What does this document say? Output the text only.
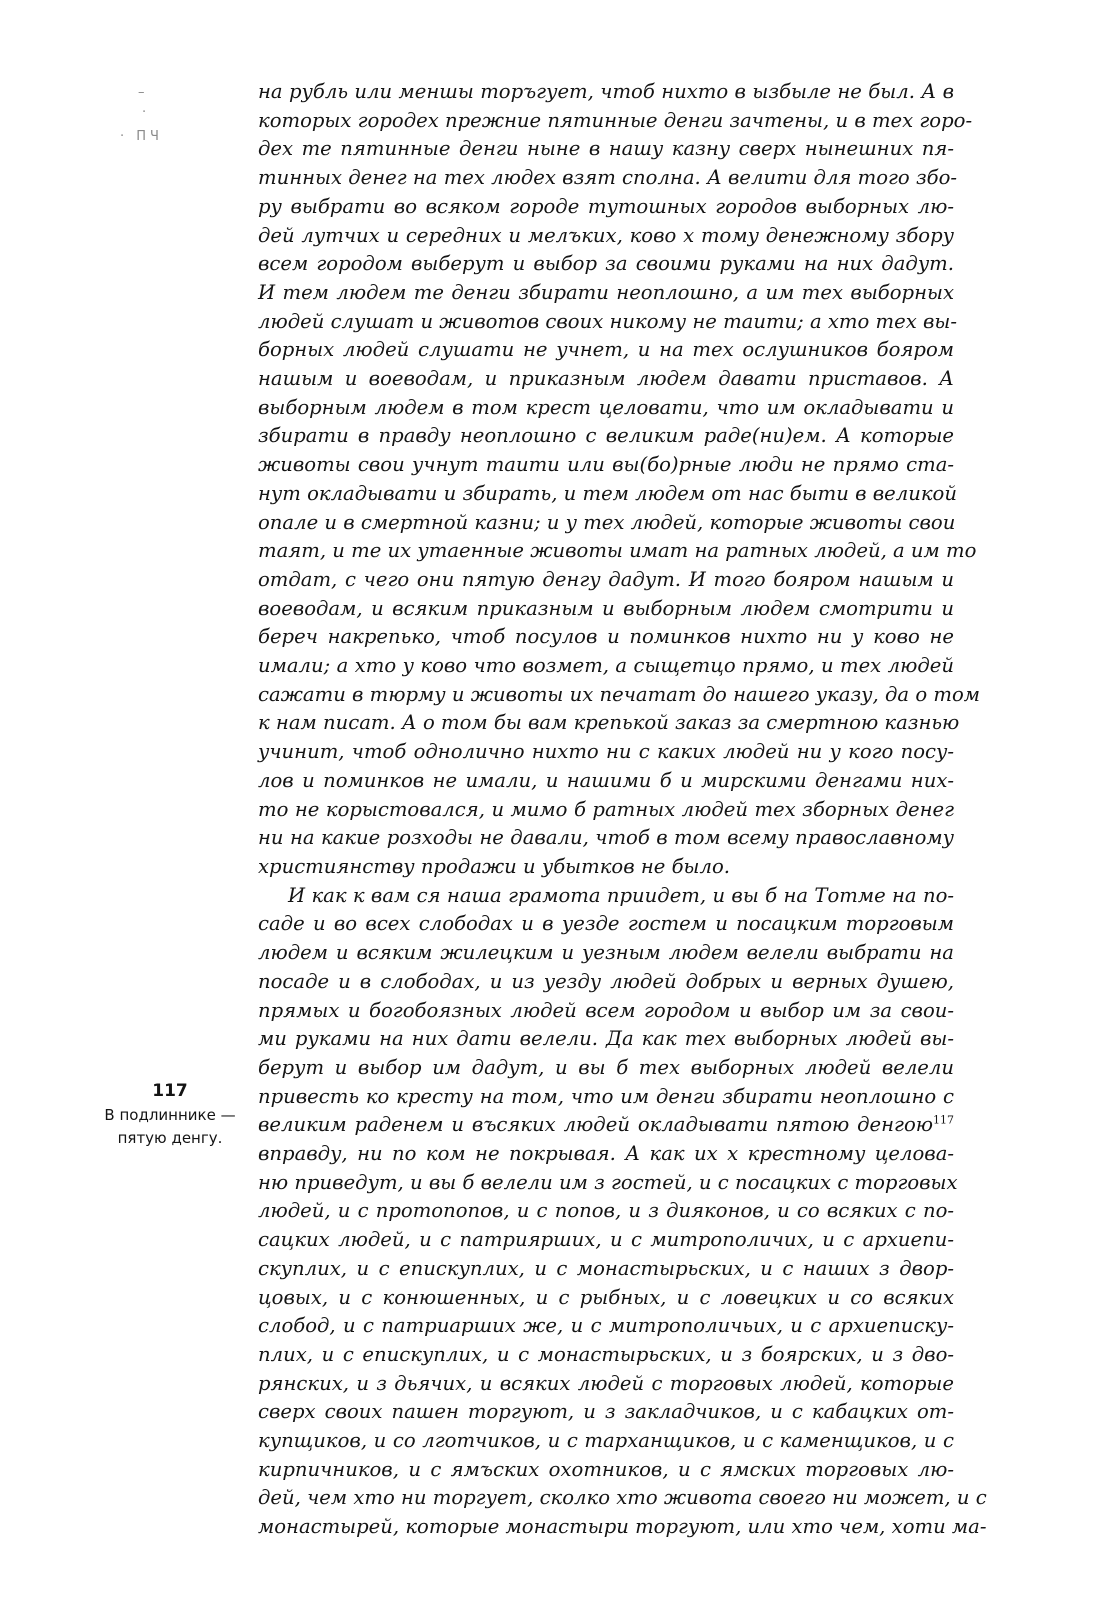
–
·
· ПЧ
на рубль или меншы торъгует, чтоб нихто в ызбыле не был. А в
которых городех прежние пятинные денги зачтены, и в тех горо-
дех те пятинные денги ныне в нашу казну сверх нынешних пя-
тинных денег на тех людех взят сполна. А велити для того збо-
ру выбрати во всяком городе тутошных городов выборных лю-
дей лутчих и середних и мелъких, ково х тому денежному збору
всем городом выберут и выбор за своими руками на них дадут.
И тем людем те денги збирати неоплошно, а им тех выборных
людей слушат и животов своих никому не таити; а хто тех вы-
борных людей слушати не учнет, и на тех ослушников бояром
нашым и воеводам, и приказным людем давати приставов. А
выборным людем в том крест целовати, что им окладывати и
збирати в правду неоплошно с великим раде(ни)ем. А которые
животы свои учнут таити или вы(бо)рные люди не прямо ста-
нут окладывати и збирать, и тем людем от нас быти в великой
опале и в смертной казни; и у тех людей, которые животы свои
таят, и те их утаенные животы имат на ратных людей, а им то
отдат, с чего они пятую денгу дадут. И того бояром нашым и
воеводам, и всяким приказным и выборным людем смотрити и
береч накрепько, чтоб посулов и поминков нихто ни у ково не
имали; а хто у ково что возмет, а сыщетцо прямо, и тех людей
сажати в тюрму и животы их печатат до нашего указу, да о том
к нам писат. А о том бы вам крепькой заказ за смертною казнью
учинит, чтоб однолично нихто ни с каких людей ни у кого посу-
лов и поминков не имали, и нашими б и мирскими денгами них-
то не корыстовался, и мимо б ратных людей тех зборных денег
ни на какие розходы не давали, чтоб в том всему православному
християнству продажи и убытков не было.
И как к вам ся наша грамота приидет, и вы б на Тотме на по-
саде и во всех слободах и в уезде гостем и посацким торговым
людем и всяким жилецким и уезным людем велели выбрати на
посаде и в слободах, и из уезду людей добрых и верных душею,
прямых и богобоязных людей всем городом и выбор им за свои-
ми руками на них дати велели. Да как тех выборных людей вы-
берут и выбор им дадут, и вы б тех выборных людей велели
привесть ко кресту на том, что им денги збирати неоплошно с
великим раденем и въсяких людей окладывати пятою денгою$^{117}$
вправду, ни по ком не покрывая. А как их х крестному целова-
ню приведут, и вы б велели им з гостей, и с посацких с торговых
людей, и с протопопов, и с попов, и з дияконов, и со всяких с по-
сацких людей, и с патриярших, и с митрополичих, и с архиепи-
скуплих, и с епискуплих, и с монастырьских, и с наших з двор-
цовых, и с конюшенных, и с рыбных, и с ловецких и со всяких
слобод, и с патриарших же, и с митрополичьих, и с архиеписку-
плих, и с епискуплих, и с монастырьских, и з боярских, и з дво-
рянских, и з дьячих, и всяких людей с торговых людей, которые
сверх своих пашен торгуют, и з закладчиков, и с кабацких от-
купщиков, и со лготчиков, и с тарханщиков, и с каменщиков, и с
кирпичников, и с ямъских охотников, и с ямских торговых лю-
дей, чем хто ни торгует, сколко хто живота своего ни может, и с
монастырей, которые монастыри торгуют, или хто чем, хоти ма-
117
В подлиннике —
пятую денгу.
